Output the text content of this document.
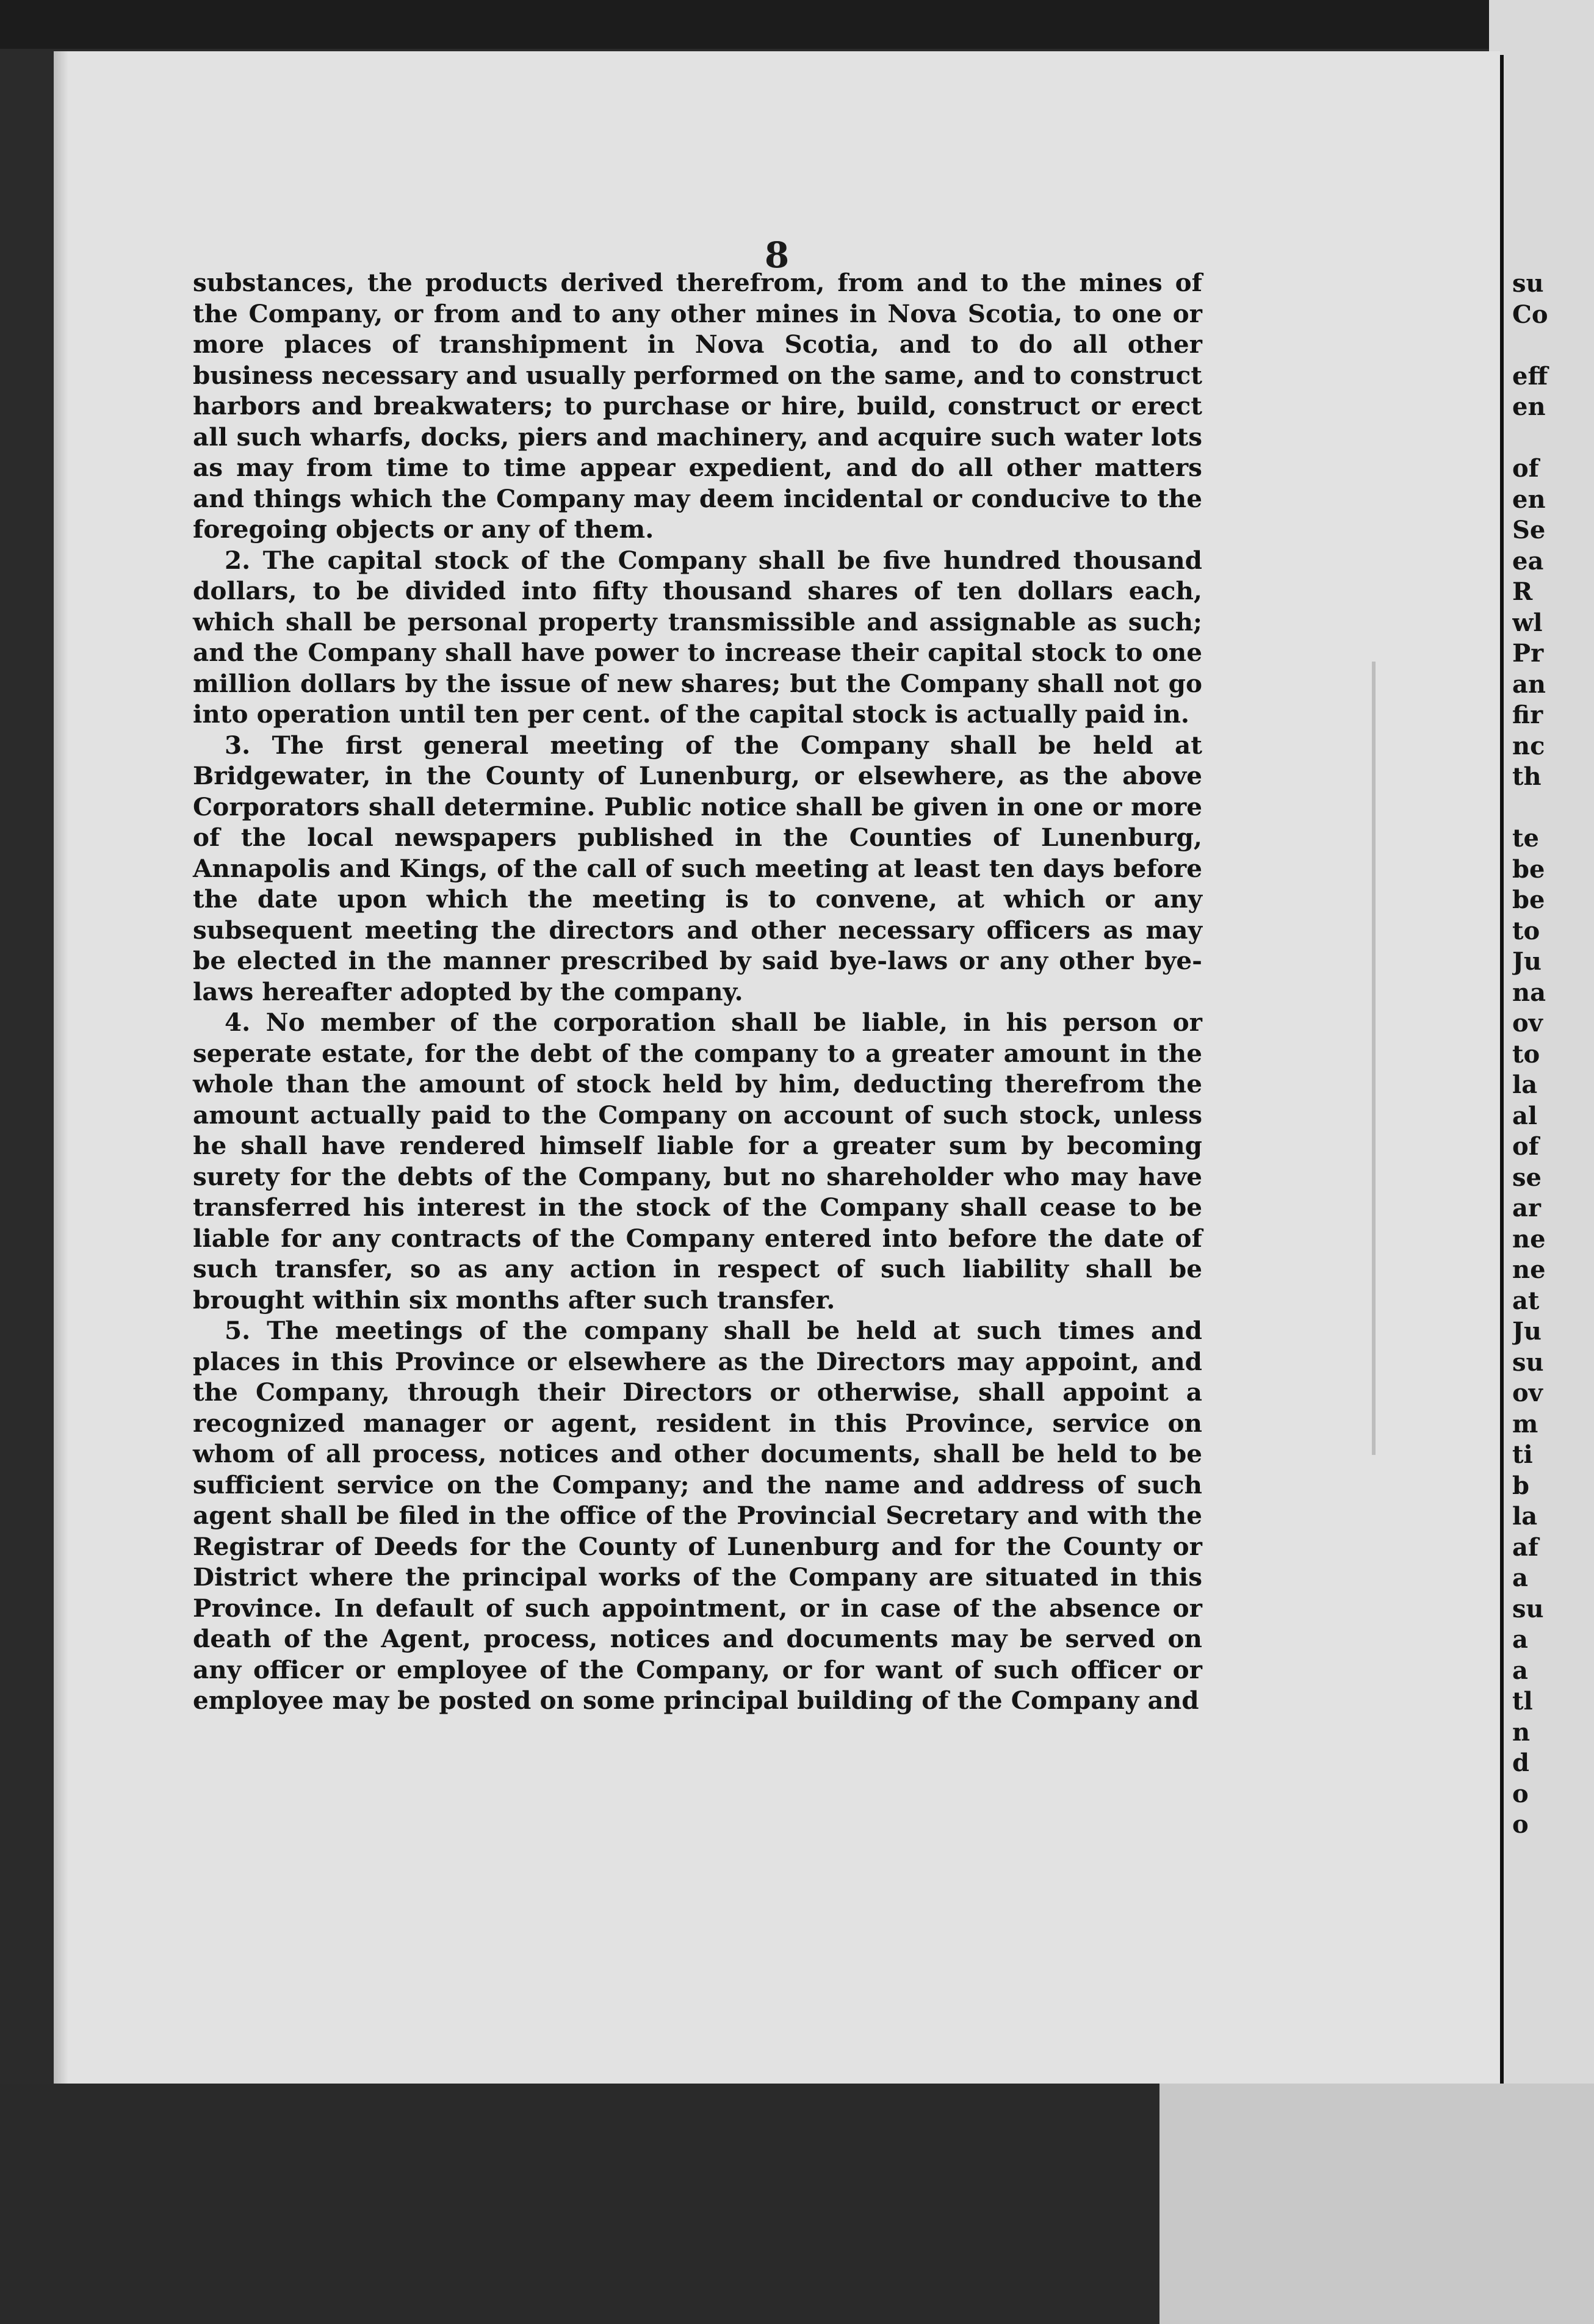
8

substances, the products derived therefrom, from and to the mines of the Company, or from and to any other mines in Nova Scotia, to one or more places of transhipment in Nova Scotia, and to do all other business necessary and usually performed on the same, and to construct harbors and breakwaters; to purchase or hire, build, construct or erect all such wharfs, docks, piers and machinery, and acquire such water lots as may from time to time appear expedient, and do all other matters and things which the Company may deem incidental or conducive to the foregoing objects or any of them.

2. The capital stock of the Company shall be five hundred thousand dollars, to be divided into fifty thousand shares of ten dollars each, which shall be personal property transmissible and assignable as such; and the Company shall have power to increase their capital stock to one million dollars by the issue of new shares; but the Company shall not go into operation until ten per cent. of the capital stock is actually paid in.

3. The first general meeting of the Company shall be held at Bridgewater, in the County of Lunenburg, or elsewhere, as the above Corporators shall determine. Public notice shall be given in one or more of the local newspapers published in the Counties of Lunenburg, Annapolis and Kings, of the call of such meeting at least ten days before the date upon which the meeting is to convene, at which or any subsequent meeting the directors and other necessary officers as may be elected in the manner prescribed by said bye-laws or any other bye-laws hereafter adopted by the company.

4. No member of the corporation shall be liable, in his person or seperate estate, for the debt of the company to a greater amount in the whole than the amount of stock held by him, deducting therefrom the amount actually paid to the Company on account of such stock, unless he shall have rendered himself liable for a greater sum by becoming surety for the debts of the Company, but no shareholder who may have transferred his interest in the stock of the Company shall cease to be liable for any contracts of the Company entered into before the date of such transfer, so as any action in respect of such liability shall be brought within six months after such transfer.

5. The meetings of the company shall be held at such times and places in this Province or elsewhere as the Directors may appoint, and the Company, through their Directors or otherwise, shall appoint a recognized manager or agent, resident in this Province, service on whom of all process, notices and other documents, shall be held to be sufficient service on the Company; and the name and address of such agent shall be filed in the office of the Provincial Secretary and with the Registrar of Deeds for the County of Lunenburg and for the County or District where the principal works of the Company are situated in this Province. In default of such appointment, or in case of the absence or death of the Agent, process, notices and documents may be served on any officer or employee of the Company, or for want of such officer or employee may be posted on some principal building of the Company and

su
Co
eff
en
of
en
Se
ea
R
wl
Pr
an
fir
nc
th
te
be
be
to
Ju
na
ov
to
la
al
of
se
ar
ne
ne
at
Ju
su
ov
m
ti
b
la
af
a
su
a
a
tl
n
d
o
o
